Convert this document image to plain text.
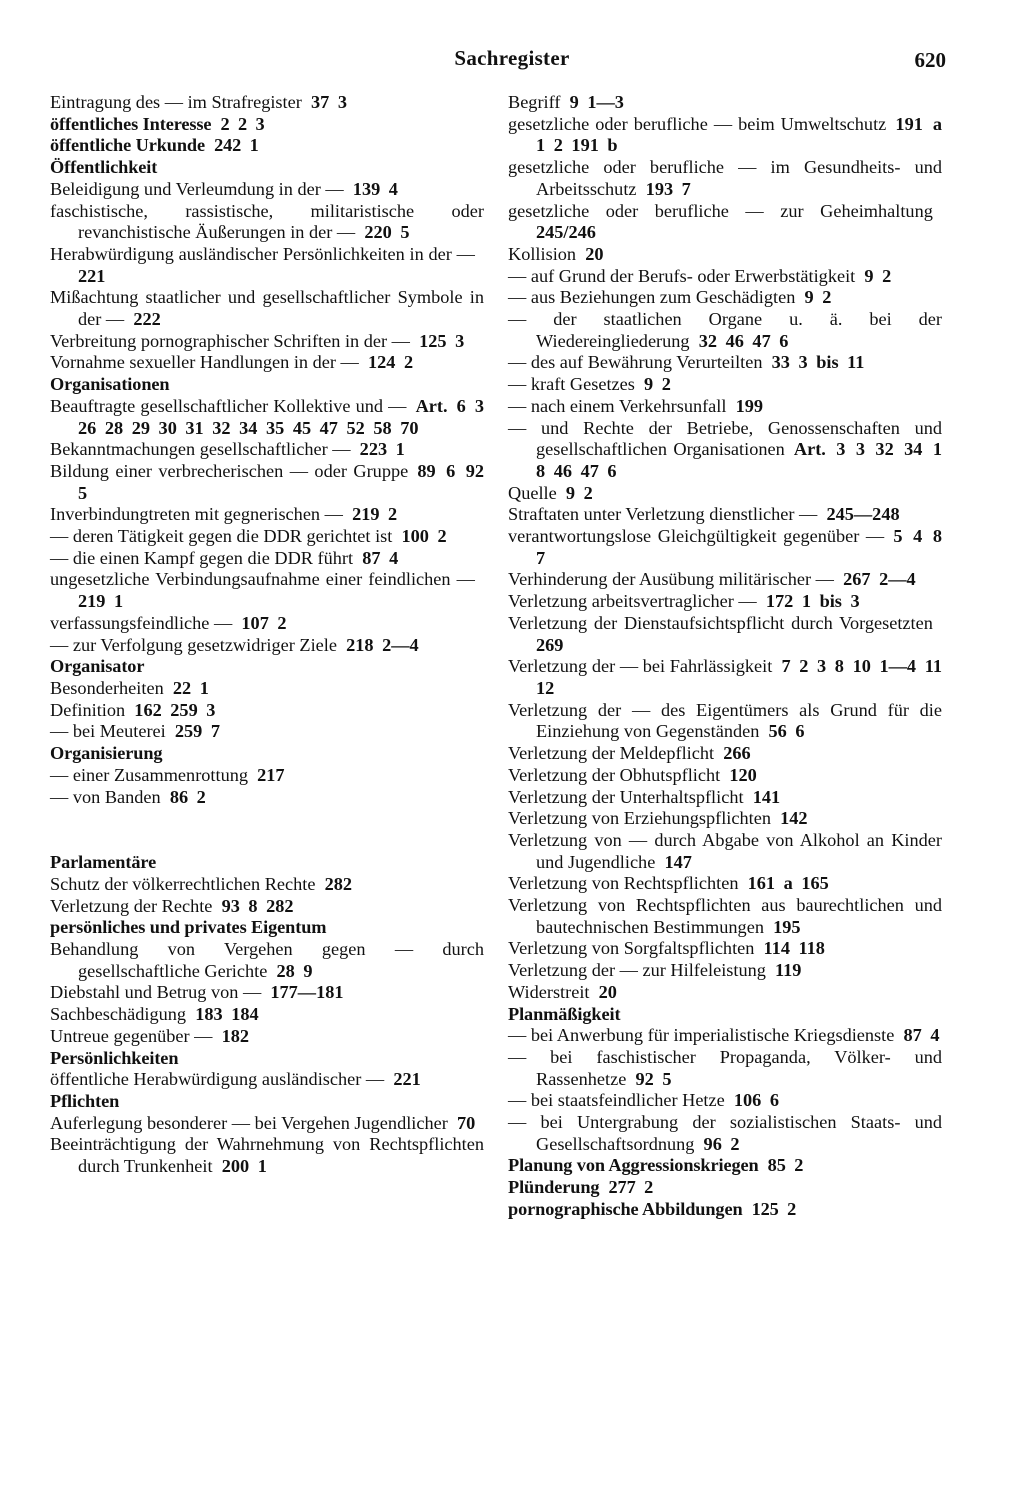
Sachregister	620
Eintragung des — im Strafregister  37 3
öffentliches Interesse  2 2 3
öffentliche Urkunde  242 1
Öffentlichkeit
Beleidigung und Verleumdung in der —  139 4
faschistische, rassistische, militaristische oder revanchistische Äußerungen in der —  220 5
Herabwürdigung ausländischer Persönlichkeiten in der — 221
Mißachtung staatlicher und gesellschaftlicher Symbole in der —  222
Verbreitung pornographischer Schriften in der —  125 3
Vornahme sexueller Handlungen in der —  124 2
Organisationen
Beauftragte gesellschaftlicher Kollektive und —  Art. 6 3 26 28 29 30 31 32 34 35 45 47 52 58 70
Bekanntmachungen gesellschaftlicher —  223 1
Bildung einer verbrecherischen — oder Gruppe  89 6 92 5
Inverbindungtreten mit gegnerischen —  219 2
— deren Tätigkeit gegen die DDR gerichtet ist  100 2
— die einen Kampf gegen die DDR führt  87 4
ungesetzliche Verbindungsaufnahme einer feindlichen — 219 1
verfassungsfeindliche —  107 2
— zur Verfolgung gesetzwidriger Ziele  218 2—4
Organisator
Besonderheiten  22 1
Definition  162 259 3
— bei Meuterei  259 7
Organisierung
— einer Zusammenrottung  217
— von Banden  86 2
Parlamentäre
Schutz der völkerrechtlichen Rechte  282
Verletzung der Rechte  93 8 282
persönliches und privates Eigentum
Behandlung von Vergehen gegen — durch gesellschaftliche Gerichte  28 9
Diebstahl und Betrug von —  177—181
Sachbeschädigung  183 184
Untreue gegenüber —  182
Persönlichkeiten
öffentliche Herabwürdigung ausländischer —  221
Pflichten
Auferlegung besonderer — bei Vergehen Jugendlicher  70
Beeinträchtigung der Wahrnehmung von Rechtspflichten durch Trunkenheit  200 1
Begriff  9 1—3
gesetzliche oder berufliche — beim Umweltschutz  191 a 1 2 191 b
gesetzliche oder berufliche — im Gesundheits- und Arbeitsschutz  193 7
gesetzliche oder berufliche — zur Geheimhaltung 245/246
Kollision  20
— auf Grund der Berufs- oder Erwerbstätigkeit  9 2
— aus Beziehungen zum Geschädigten  9 2
— der staatlichen Organe u. ä. bei der Wiedereingliederung  32 46 47 6
— des auf Bewährung Verurteilten  33 3 bis 11
— kraft Gesetzes  9 2
— nach einem Verkehrsunfall  199
— und Rechte der Betriebe, Genossenschaften und gesellschaftlichen Organisationen  Art. 3 3 32 34 1 8 46 47 6
Quelle  9 2
Straftaten unter Verletzung dienstlicher —  245—248
verantwortungslose Gleichgültigkeit gegenüber —  5 4 8 7
Verhinderung der Ausübung militärischer —  267 2—4
Verletzung arbeitsvertraglicher —  172 1 bis 3
Verletzung der Dienstaufsichtspflicht durch Vorgesetzten 269
Verletzung der — bei Fahrlässigkeit  7 2 3 8 10 1—4 11 12
Verletzung der — des Eigentümers als Grund für die Einziehung von Gegenständen  56 6
Verletzung der Meldepflicht  266
Verletzung der Obhutspflicht  120
Verletzung der Unterhaltspflicht  141
Verletzung von Erziehungspflichten  142
Verletzung von — durch Abgabe von Alkohol an Kinder und Jugendliche  147
Verletzung von Rechtspflichten  161 a 165
Verletzung von Rechtspflichten aus baurechtlichen und bautechnischen Bestimmungen  195
Verletzung von Sorgfaltspflichten  114 118
Verletzung der — zur Hilfeleistung  119
Widerstreit  20
Planmäßigkeit
— bei Anwerbung für imperialistische Kriegsdienste  87 4
— bei faschistischer Propaganda, Völker- und Rassenhetze  92 5
— bei staatsfeindlicher Hetze  106 6
— bei Untergrabung der sozialistischen Staats- und Gesellschaftsordnung  96 2
Planung von Aggressionskriegen  85 2
Plünderung  277 2
pornographische Abbildungen  125 2
